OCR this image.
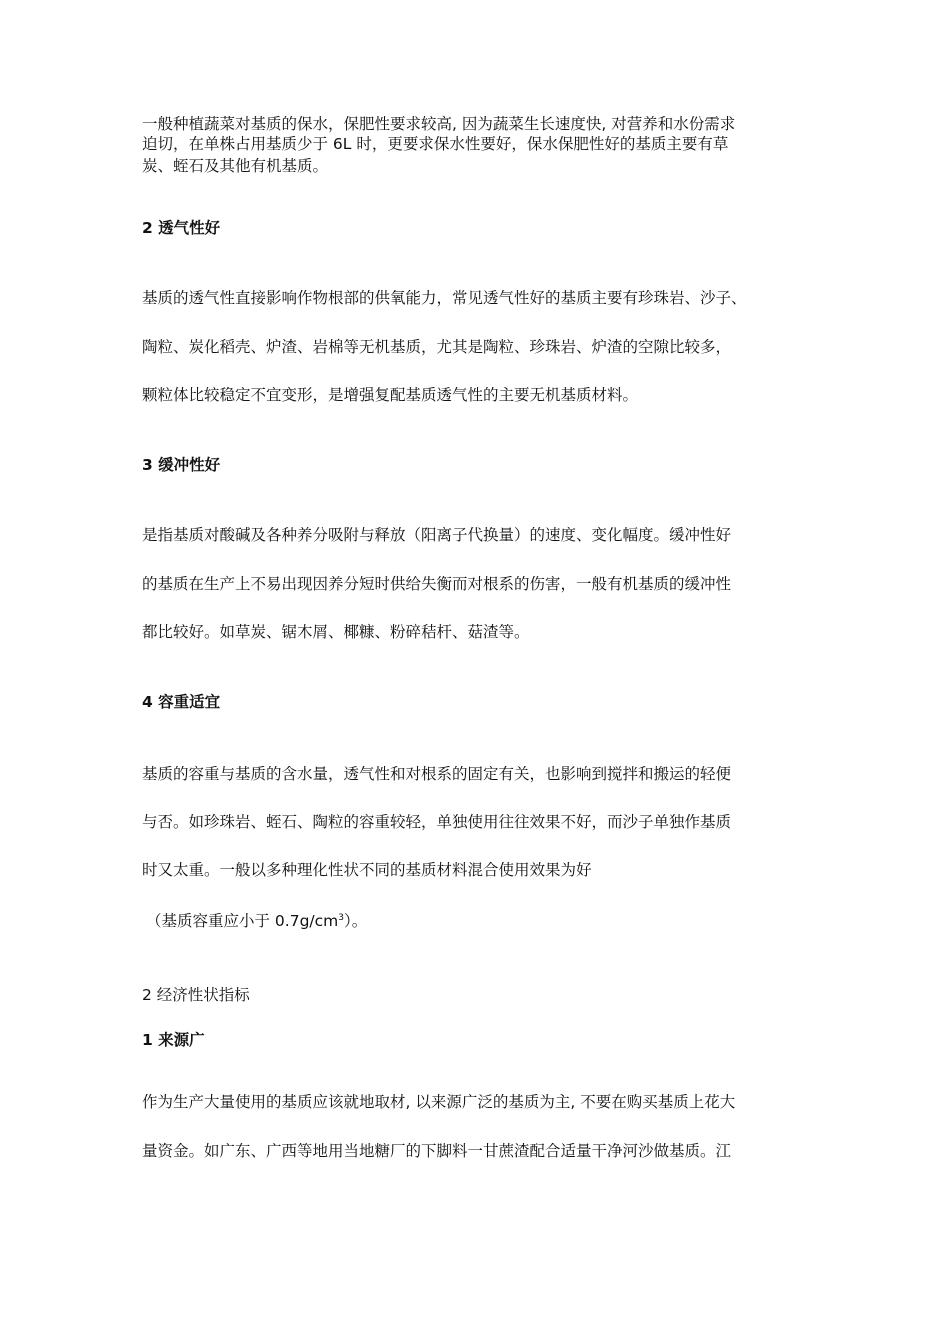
一般种植蔬菜对基质的保水，保肥性要求较高, 因为蔬菜生长速度快, 对营养和水份需求

迫切，在单株占用基质少于 6L 时，更要求保水性要好，保水保肥性好的基质主要有草

炭、蛭石及其他有机基质。

2 透气性好

基质的透气性直接影响作物根部的供氧能力，常见透气性好的基质主要有珍珠岩、沙子、

陶粒、炭化稻壳、炉渣、岩棉等无机基质，尤其是陶粒、珍珠岩、炉渣的空隙比较多，

颗粒体比较稳定不宜变形，是增强复配基质透气性的主要无机基质材料。

3 缓冲性好

是指基质对酸碱及各种养分吸附与释放（阳离子代换量）的速度、变化幅度。缓冲性好

的基质在生产上不易出现因养分短时供给失衡而对根系的伤害，一般有机基质的缓冲性

都比较好。如草炭、锯木屑、椰糠、粉碎秸杆、菇渣等。

4 容重适宜

基质的容重与基质的含水量，透气性和对根系的固定有关，也影响到搅拌和搬运的轻便

与否。如珍珠岩、蛭石、陶粒的容重较轻，单独使用往往效果不好，而沙子单独作基质

时又太重。一般以多种理化性状不同的基质材料混合使用效果为好

（基质容重应小于 $0.7g/cm^3$）。

2 经济性状指标

1 来源广

作为生产大量使用的基质应该就地取材, 以来源广泛的基质为主, 不要在购买基质上花大

量资金。如广东、广西等地用当地糖厂的下脚料一甘蔗渣配合适量干净河沙做基质。江
